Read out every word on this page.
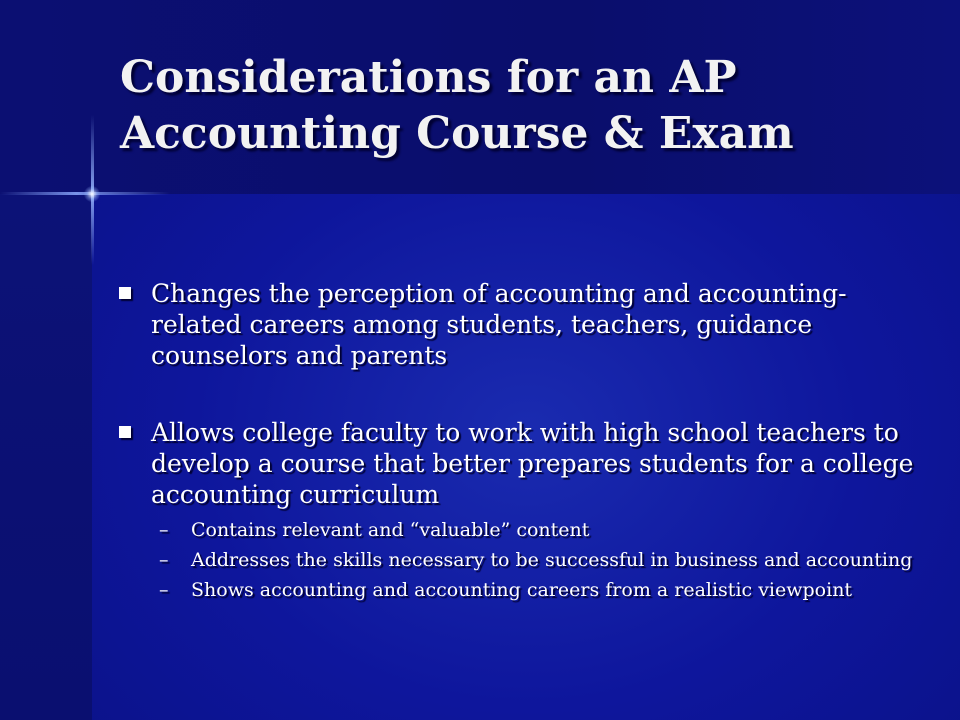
Considerations for an AP Accounting Course & Exam
Changes the perception of accounting and accounting-related careers among students, teachers, guidance counselors and parents
Allows college faculty to work with high school teachers to develop a course that better prepares students for a college accounting curriculum
– Contains relevant and “valuable” content
– Addresses the skills necessary to be successful in business and accounting
– Shows accounting and accounting careers from a realistic viewpoint
